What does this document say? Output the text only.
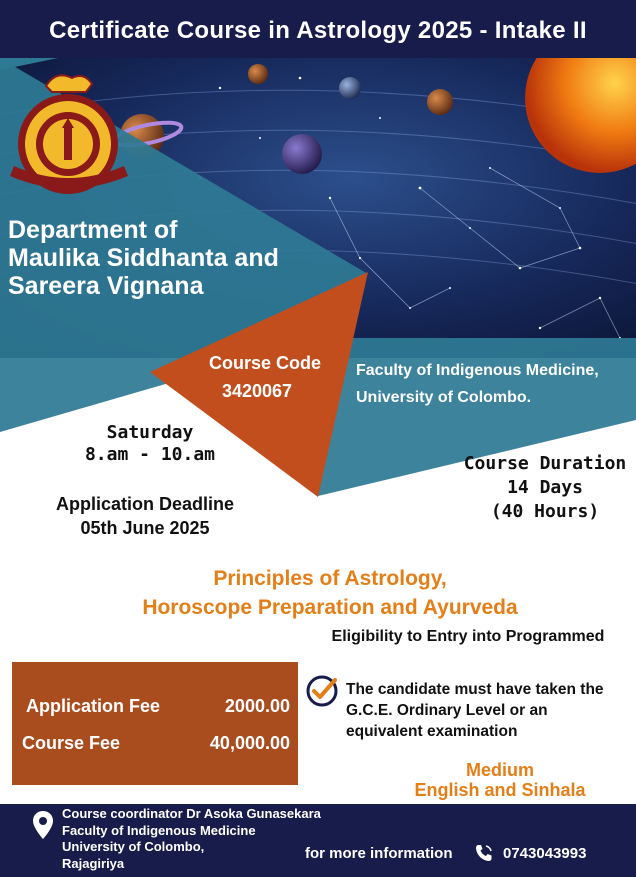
Certificate Course in Astrology 2025 - Intake II
Department of
Maulika Siddhanta and
Sareera Vignana
Course Code
3420067
Faculty of Indigenous Medicine,
University of Colombo.
Saturday
8.am - 10.am
Application Deadline
05th June 2025
Course Duration
14 Days
(40 Hours)
Principles of Astrology,
Horoscope Preparation and Ayurveda
Eligibility to Entry into Programmed
Application Fee	2000.00
Course Fee	40,000.00
The candidate must have taken the
G.C.E. Ordinary Level or an
equivalent examination
Medium
English and Sinhala
Course coordinator Dr Asoka Gunasekara
Faculty of Indigenous Medicine
University of Colombo,
Rajagiriya
for more information	0743043993
